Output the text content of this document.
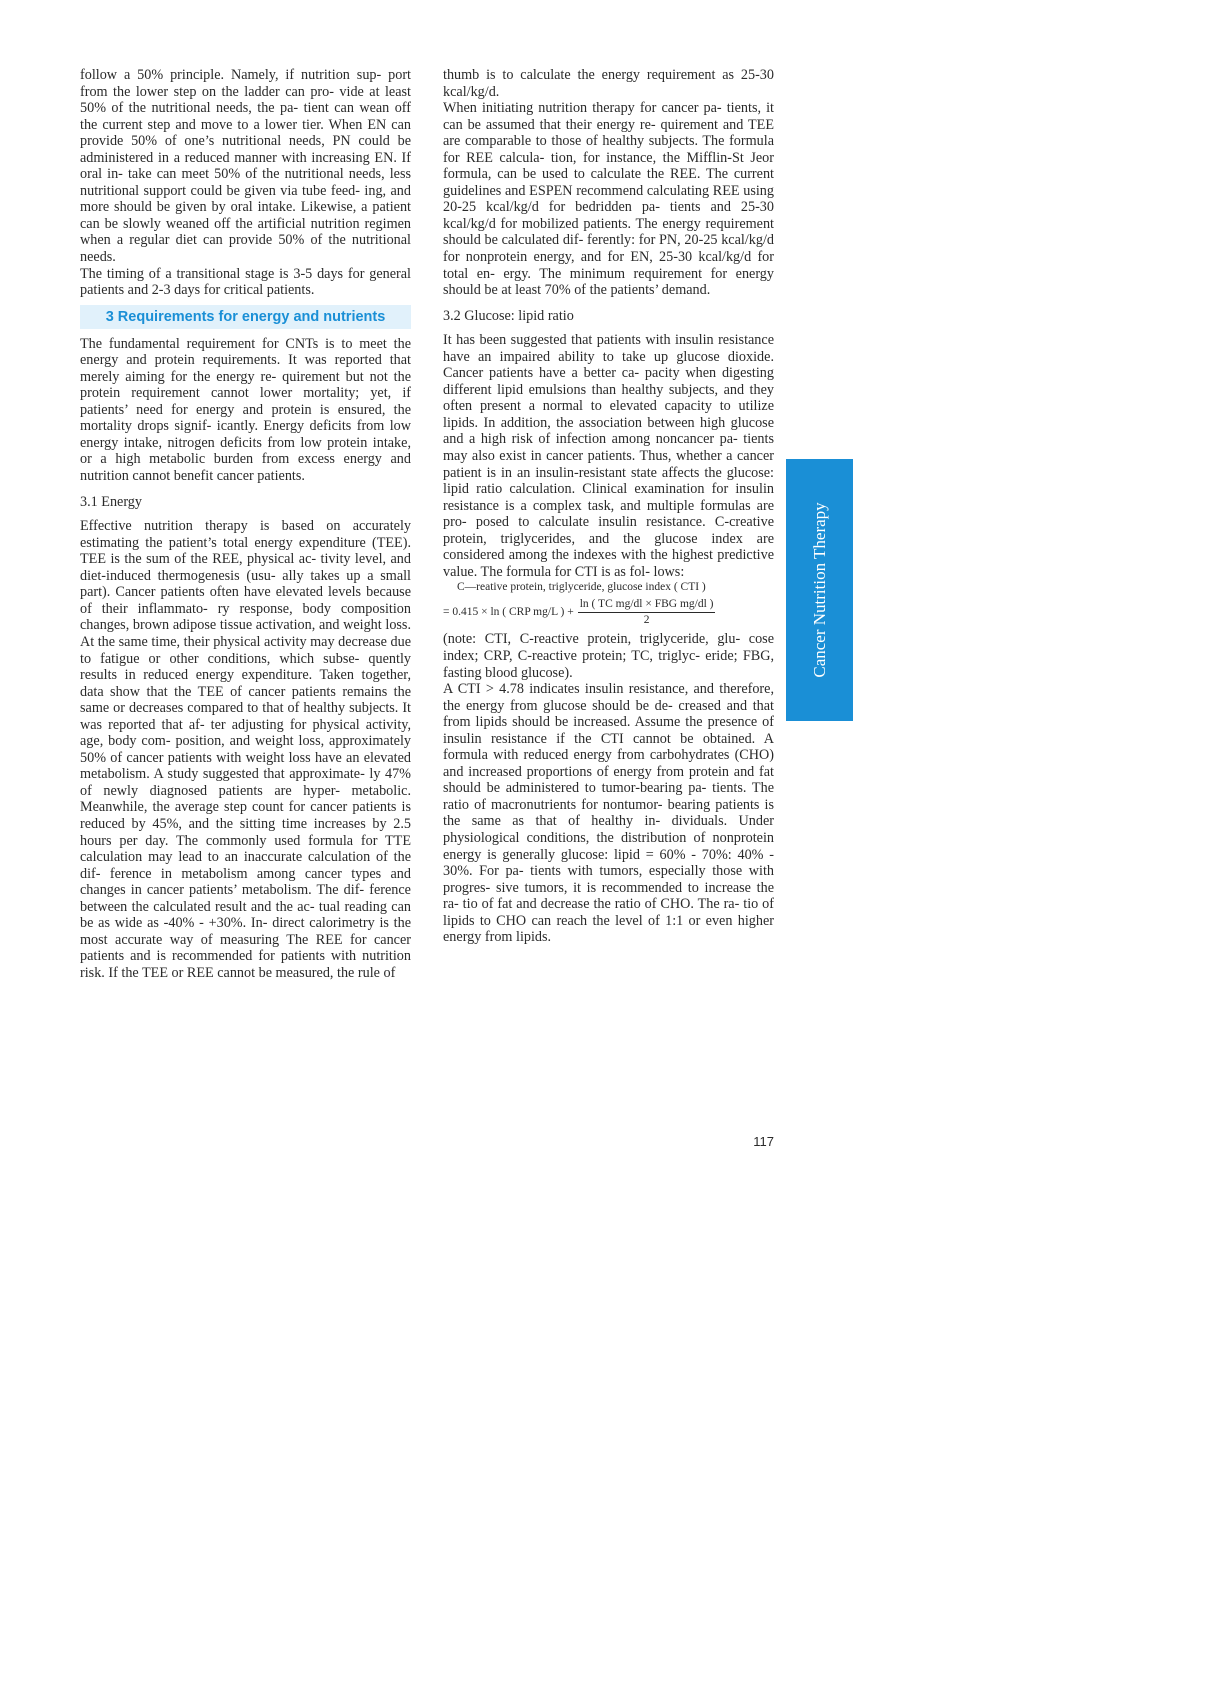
follow a 50% principle. Namely, if nutrition sup- port from the lower step on the ladder can pro- vide at least 50% of the nutritional needs, the pa- tient can wean off the current step and move to a lower tier. When EN can provide 50% of one’s nutritional needs, PN could be administered in a reduced manner with increasing EN. If oral in- take can meet 50% of the nutritional needs, less nutritional support could be given via tube feed- ing, and more should be given by oral intake. Likewise, a patient can be slowly weaned off the artificial nutrition regimen when a regular diet can provide 50% of the nutritional needs.

The timing of a transitional stage is 3-5 days for general patients and 2-3 days for critical patients.

3 Requirements for energy and nutrients

The fundamental requirement for CNTs is to meet the energy and protein requirements. It was reported that merely aiming for the energy re- quirement but not the protein requirement cannot lower mortality; yet, if patients’ need for energy and protein is ensured, the mortality drops signif- icantly. Energy deficits from low energy intake, nitrogen deficits from low protein intake, or a high metabolic burden from excess energy and nutrition cannot benefit cancer patients.

3.1 Energy

Effective nutrition therapy is based on accurately estimating the patient’s total energy expenditure (TEE). TEE is the sum of the REE, physical ac- tivity level, and diet-induced thermogenesis (usu- ally takes up a small part). Cancer patients often have elevated levels because of their inflammato- ry response, body composition changes, brown adipose tissue activation, and weight loss. At the same time, their physical activity may decrease due to fatigue or other conditions, which subse- quently results in reduced energy expenditure. Taken together, data show that the TEE of cancer patients remains the same or decreases compared to that of healthy subjects. It was reported that af- ter adjusting for physical activity, age, body com- position, and weight loss, approximately 50% of cancer patients with weight loss have an elevated metabolism. A study suggested that approximate- ly 47% of newly diagnosed patients are hyper- metabolic. Meanwhile, the average step count for cancer patients is reduced by 45%, and the sitting time increases by 2.5 hours per day. The commonly used formula for TTE calculation may lead to an inaccurate calculation of the dif- ference in metabolism among cancer types and changes in cancer patients’ metabolism. The dif- ference between the calculated result and the ac- tual reading can be as wide as -40% - +30%. In- direct calorimetry is the most accurate way of measuring The REE for cancer patients and is recommended for patients with nutrition risk. If the TEE or REE cannot be measured, the rule of

thumb is to calculate the energy requirement as 25-30 kcal/kg/d.

When initiating nutrition therapy for cancer pa- tients, it can be assumed that their energy re- quirement and TEE are comparable to those of healthy subjects. The formula for REE calcula- tion, for instance, the Mifflin-St Jeor formula, can be used to calculate the REE. The current guidelines and ESPEN recommend calculating REE using 20-25 kcal/kg/d for bedridden pa- tients and 25-30 kcal/kg/d for mobilized patients. The energy requirement should be calculated dif- ferently: for PN, 20-25 kcal/kg/d for nonprotein energy, and for EN, 25-30 kcal/kg/d for total en- ergy. The minimum requirement for energy should be at least 70% of the patients’ demand.

3.2 Glucose: lipid ratio

It has been suggested that patients with insulin resistance have an impaired ability to take up glucose dioxide. Cancer patients have a better ca- pacity when digesting different lipid emulsions than healthy subjects, and they often present a normal to elevated capacity to utilize lipids. In addition, the association between high glucose and a high risk of infection among noncancer pa- tients may also exist in cancer patients. Thus, whether a cancer patient is in an insulin-resistant state affects the glucose: lipid ratio calculation. Clinical examination for insulin resistance is a complex task, and multiple formulas are pro- posed to calculate insulin resistance. C-creative protein, triglycerides, and the glucose index are considered among the indexes with the highest predictive value. The formula for CTI is as fol- lows:

C—reative protein, triglyceride, glucose index ( CTI )

= 0.415 × ln ( CRP mg/L ) + $\frac{\text{ln ( TC mg/dl × FBG mg/dl )}}{2}$

(note: CTI, C-reactive protein, triglyceride, glu- cose index; CRP, C-reactive protein; TC, triglyc- eride; FBG, fasting blood glucose).

A CTI > 4.78 indicates insulin resistance, and therefore, the energy from glucose should be de- creased and that from lipids should be increased. Assume the presence of insulin resistance if the CTI cannot be obtained. A formula with reduced energy from carbohydrates (CHO) and increased proportions of energy from protein and fat should be administered to tumor-bearing pa- tients. The ratio of macronutrients for nontumor- bearing patients is the same as that of healthy in- dividuals. Under physiological conditions, the distribution of nonprotein energy is generally glucose: lipid = 60% - 70%: 40% - 30%. For pa- tients with tumors, especially those with progres- sive tumors, it is recommended to increase the ra- tio of fat and decrease the ratio of CHO. The ra- tio of lipids to CHO can reach the level of 1:1 or even higher energy from lipids.

Cancer Nutrition Therapy
117
